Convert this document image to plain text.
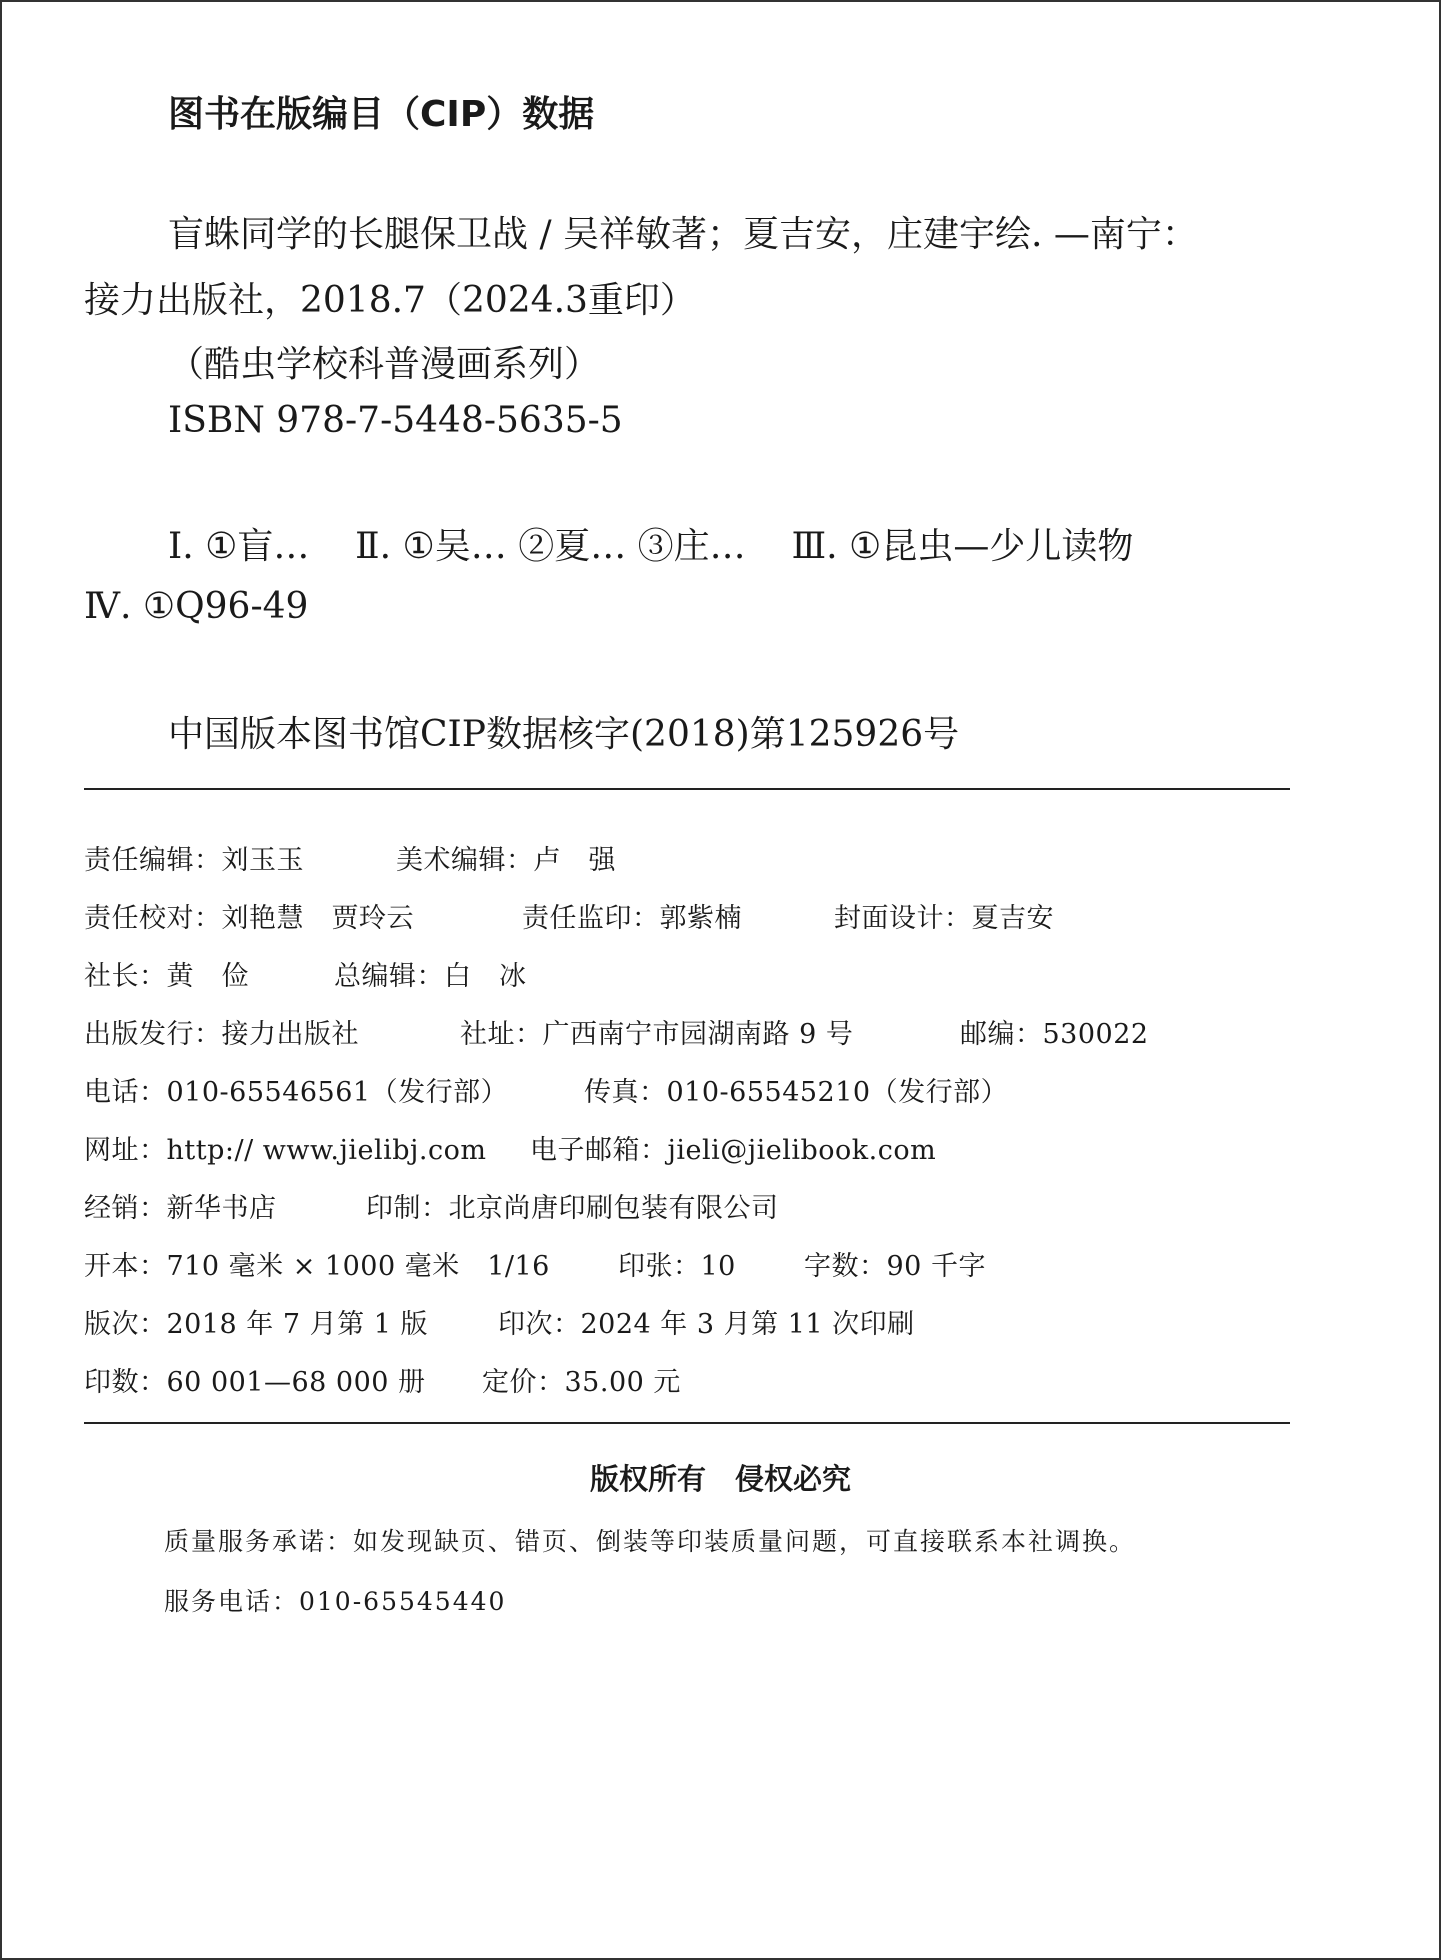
图书在版编目（CIP）数据
盲蛛同学的长腿保卫战 / 吴祥敏著；夏吉安，庄建宇绘. —南宁：
接力出版社，2018.7（2024.3重印）
（酷虫学校科普漫画系列）
ISBN 978-7-5448-5635-5
Ⅰ. ①盲…    Ⅱ. ①吴… ②夏… ③庄…    Ⅲ. ①昆虫—少儿读物
Ⅳ. ①Q96-49
中国版本图书馆CIP数据核字(2018)第125926号
责任编辑：刘玉玉	美术编辑：卢　强
责任校对：刘艳慧　贾玲云	责任监印：郭紫楠	封面设计：夏吉安
社长：黄　俭	总编辑：白　冰
出版发行：接力出版社	社址：广西南宁市园湖南路 9 号	邮编：530022
电话：010-65546561（发行部）	传真：010-65545210（发行部）
网址：http:// www.jielibj.com 电子邮箱：jieli@jielibook.com
经销：新华书店	印制：北京尚唐印刷包装有限公司
开本：710 毫米 × 1000 毫米　1/16	印张：10	字数：90 千字
版次：2018 年 7 月第 1 版	印次：2024 年 3 月第 11 次印刷
印数：60 001—68 000 册 定价：35.00 元
版权所有　侵权必究
质量服务承诺：如发现缺页、错页、倒装等印装质量问题，可直接联系本社调换。
服务电话：010-65545440
